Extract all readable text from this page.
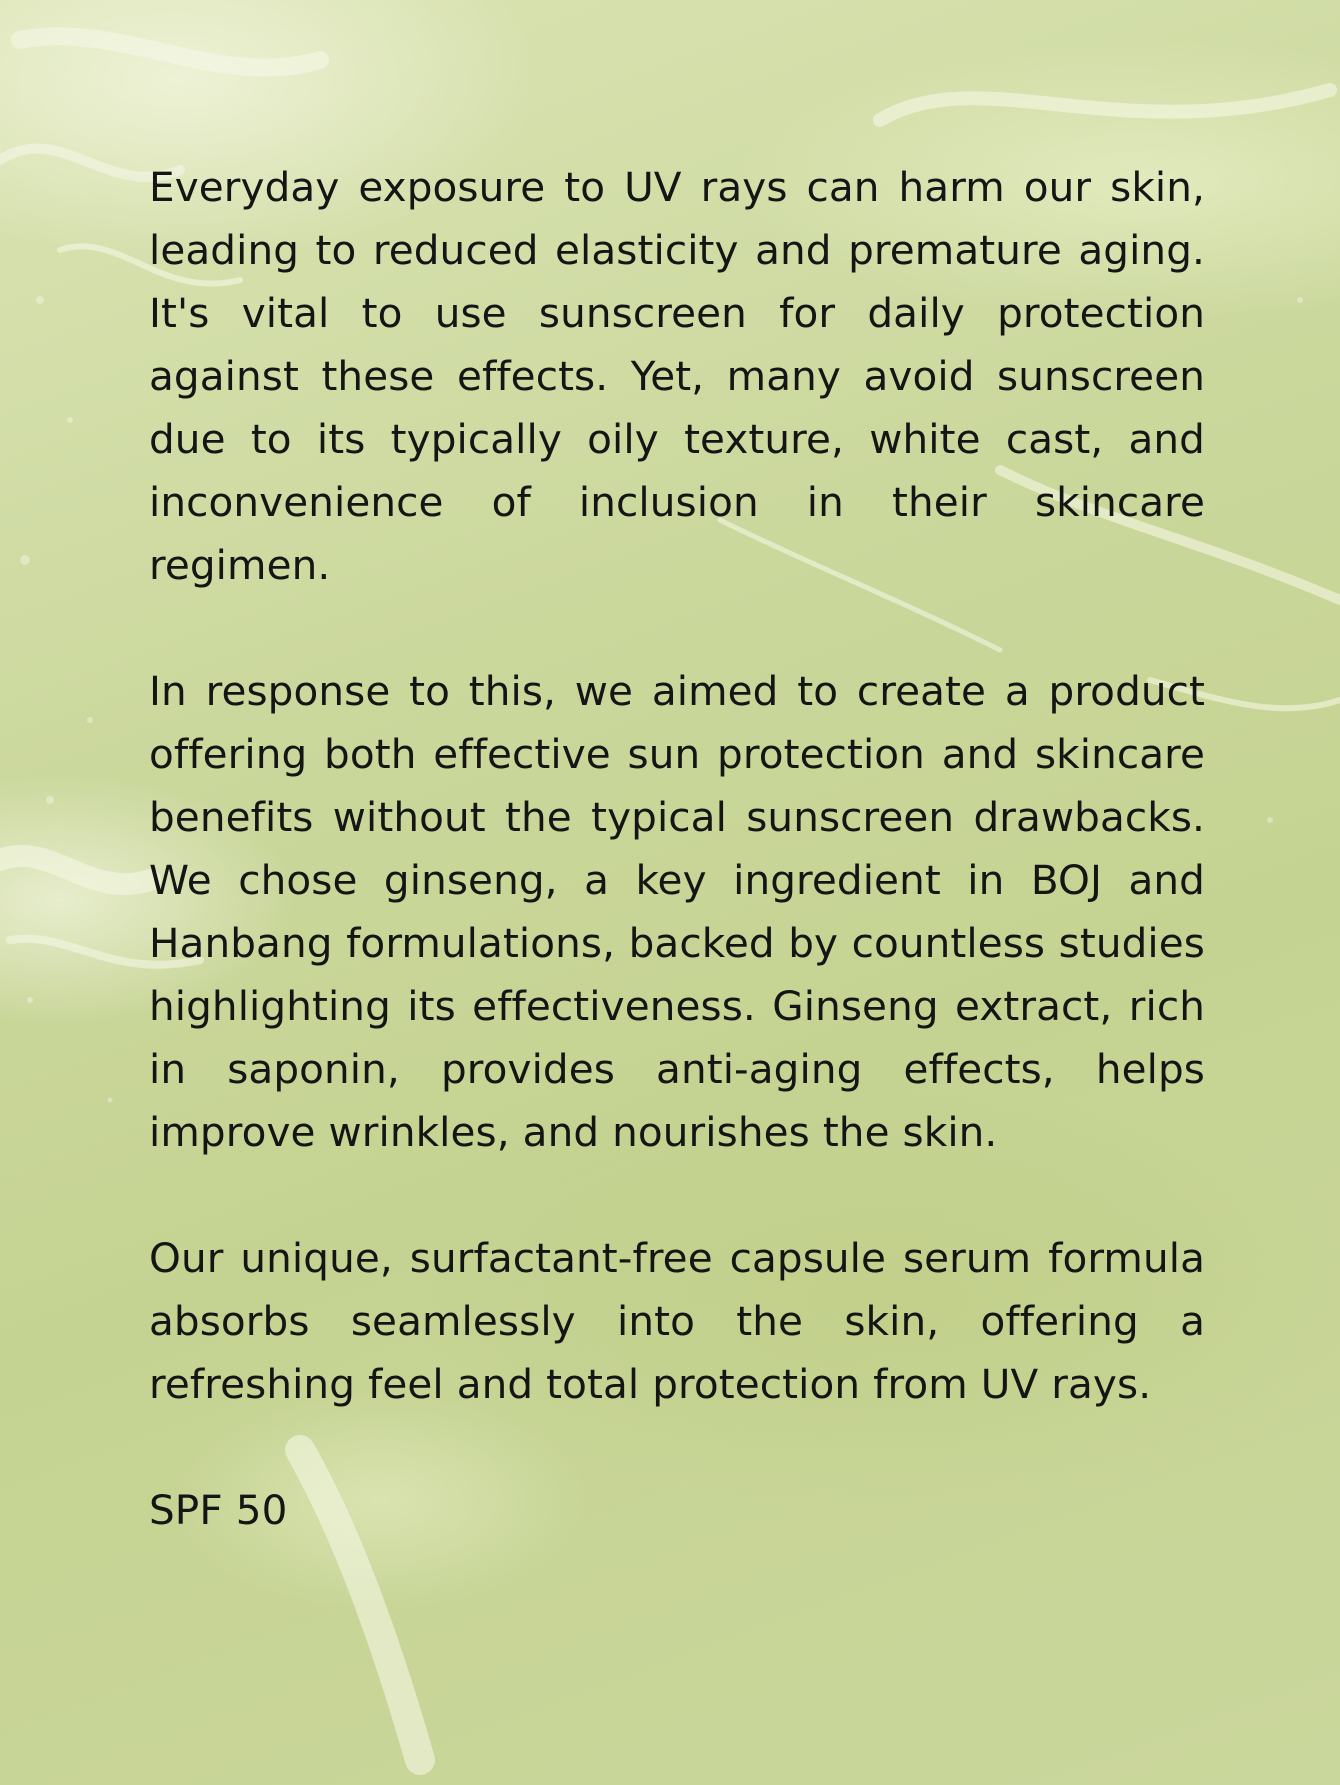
Everyday exposure to UV rays can harm our skin, leading to reduced elasticity and premature aging. It's vital to use sunscreen for daily protection against these effects. Yet, many avoid sunscreen due to its typically oily texture, white cast, and inconvenience of inclusion in their skincare regimen.

In response to this, we aimed to create a product offering both effective sun protection and skincare benefits without the typical sunscreen drawbacks. We chose ginseng, a key ingredient in BOJ and Hanbang formulations, backed by countless studies highlighting its effectiveness. Ginseng extract, rich in saponin, provides anti-aging effects, helps improve wrinkles, and nourishes the skin.

Our unique, surfactant-free capsule serum formula absorbs seamlessly into the skin, offering a refreshing feel and total protection from UV rays.

SPF 50
